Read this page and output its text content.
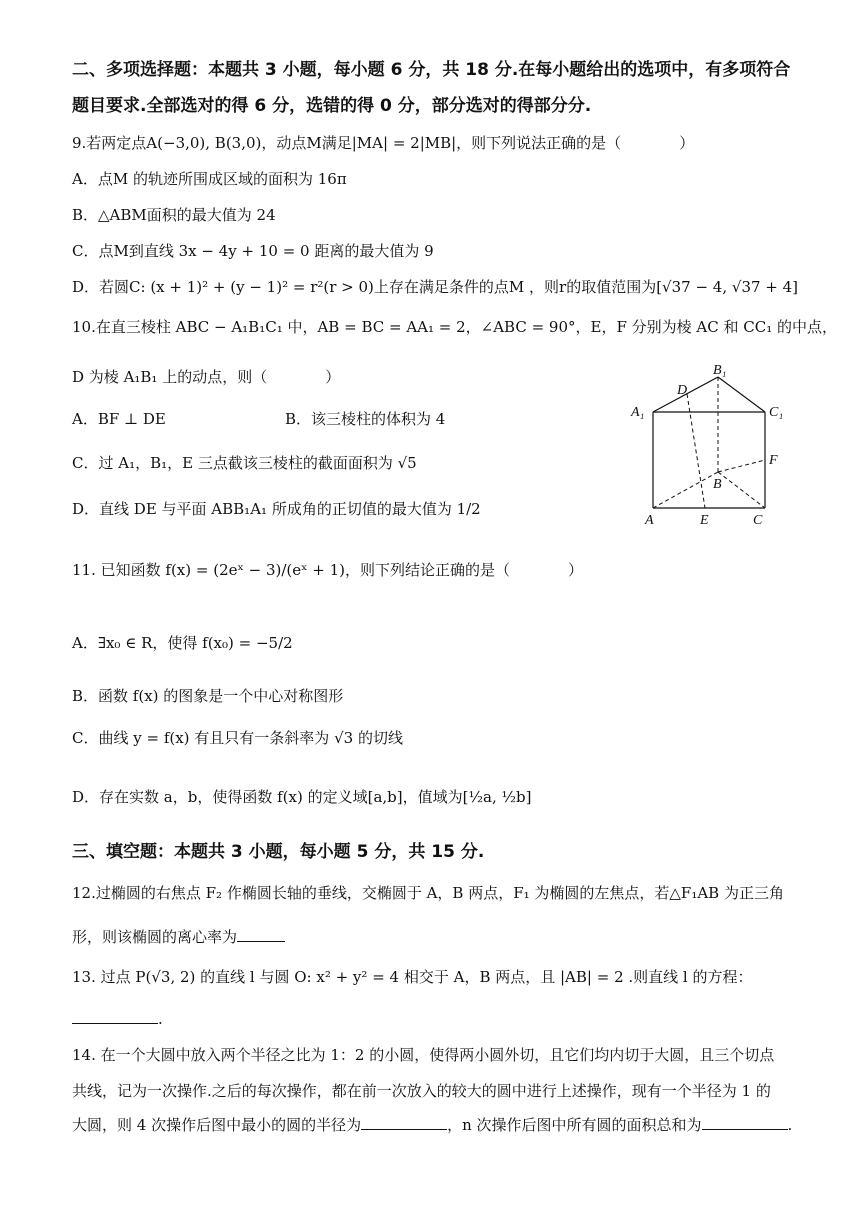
二、多项选择题：本题共 3 小题，每小题 6 分，共 18 分.在每小题给出的选项中，有多项符合
题目要求.全部选对的得 6 分，选错的得 0 分，部分选对的得部分分.
9.若两定点A(−3,0), B(3,0)，动点M满足|MA| = 2|MB|，则下列说法正确的是（	）
A．点M 的轨迹所围成区域的面积为 16π
B．△ABM面积的最大值为 24
C．点M到直线 3x − 4y + 10 = 0 距离的最大值为 9
D．若圆C: (x + 1)² + (y − 1)² = r²(r > 0)上存在满足条件的点M ，则r的取值范围为[√37 − 4, √37 + 4]
10.在直三棱柱 ABC − A₁B₁C₁ 中，AB = BC = AA₁ = 2，∠ABC = 90°，E，F 分别为棱 AC 和 CC₁ 的中点，
D 为棱 A₁B₁ 上的动点，则（	）
A．BF ⊥ DE	B．该三棱柱的体积为 4
C．过 A₁，B₁，E 三点截该三棱柱的截面面积为 √5
D．直线 DE 与平面 ABB₁A₁ 所成角的正切值的最大值为 1/2
A₁
B₁
C₁
D
F
B
A	E	C
11. 已知函数 f(x) = (2eˣ − 3)/(eˣ + 1)，则下列结论正确的是（	）
A．∃x₀ ∈ R，使得 f(x₀) = −5/2
B．函数 f(x) 的图象是一个中心对称图形
C．曲线 y = f(x) 有且只有一条斜率为 √3 的切线
D．存在实数 a，b，使得函数 f(x) 的定义域[a,b]，值域为[½a, ½b]
三、填空题：本题共 3 小题，每小题 5 分，共 15 分.
12.过椭圆的右焦点 F₂ 作椭圆长轴的垂线，交椭圆于 A，B 两点，F₁ 为椭圆的左焦点，若△F₁AB 为正三角
形，则该椭圆的离心率为
13. 过点 P(√3, 2) 的直线 l 与圆 O: x² + y² = 4 相交于 A，B 两点，且 |AB| = 2 .则直线 l 的方程：
.
14. 在一个大圆中放入两个半径之比为 1：2 的小圆，使得两小圆外切，且它们均内切于大圆，且三个切点
共线，记为一次操作.之后的每次操作，都在前一次放入的较大的圆中进行上述操作，现有一个半径为 1 的
大圆，则 4 次操作后图中最小的圆的半径为	，n 次操作后图中所有圆的面积总和为	.
